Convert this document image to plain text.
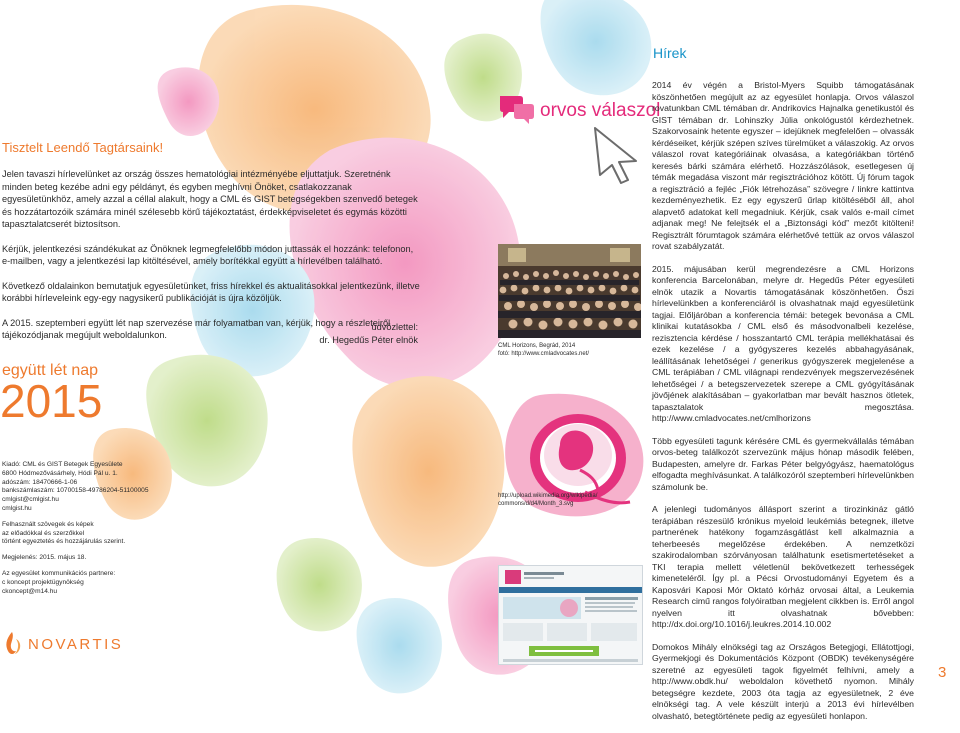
Tisztelt Leendő Tagtársaink!

Jelen tavaszi hírlevelünket az ország összes hematológiai intézményébe eljuttatjuk. Szeretnénk minden beteg kezébe adni egy példányt, és egyben meghívni Önöket, csatlakozzanak egyesületünkhöz, amely azzal a céllal alakult, hogy a CML és GIST betegségekben szenvedő betegek és hozzátartozóik számára minél szélesebb körű tájékoztatást, érdekképviseletet és egymás közötti tapasztalatcserét biztosítson.

Kérjük, jelentkezési szándékukat az Önöknek legmegfelelőbb módon juttassák el hozzánk: telefonon, e-mailben, vagy a jelentkezési lap kitöltésével, amely borítékkal együtt a hírlevélben található.

Következő oldalainkon bemutatjuk egyesületünket, friss hírekkel és aktualitásokkal jelentkezünk, illetve korábbi hírleveleink egy-egy nagysikerű publikációját is újra közöljük.

A 2015. szeptemberi együtt lét nap szervezése már folyamatban van, kérjük, hogy a részleteiről tájékozódjanak megújult weboldalunkon.

üdvözlettel:
dr. Hegedűs Péter elnök
együtt lét nap
2015
Kiadó: CML és GIST Betegek Egyesülete
6800 Hódmezővásárhely, Hódi Pál u. 1.
adószám: 18470666-1-06
bankszámlaszám: 10700158-49786204-51100005
cmlgist@cmlgist.hu
cmlgist.hu
Felhasznált szövegek és képek
az előadókkal és szerzőkkel
történt egyeztetés és hozzájárulás szerint.
Megjelenés: 2015. május 18.
Az egyesület kommunikációs partnere:
c koncept projektügynökség
ckoncept@m14.hu
NOVARTIS
orvos válaszol
CML Horizons, Begrád, 2014
fotó: http://www.cmladvocates.net/
http://upload.wikimedia.org/wikipedia/
commons/d/d4/Month_3.svg
Hírek

2014 év végén a Bristol-Myers Squibb támogatásának köszönhetően megújult az az egyesület honlapja. Orvos válaszol rovatunkban CML témában dr. Andrikovics Hajnalka genetikustól és GIST témában dr. Lohinszky Júlia onkológustól kérdezhetnek. Szakorvosaink hetente egyszer – idejüknek megfelelően – olvassák kérdéseiket, kérjük szépen szíves türelmüket a válaszokig. Az orvos válaszol rovat kategóriáinak olvasása, a kategóriákban történő keresés bárki számára elérhető. Hozzászólások, esetlegesen új témák megadása viszont már regisztrációhoz kötött. Új fórum tagok a regisztráció a fejléc „Fiók létrehozása” szövegre / linkre kattintva kezdeményezhetik. Ez egy egyszerű űrlap kitöltéséből áll, ahol alapvető adatokat kell megadniuk. Kérjük, csak valós e-mail címet adjanak meg! Ne felejtsék el a „Biztonsági kód” mezőt kitölteni! Regisztrált fórumtagok számára elérhetővé tettük az orvos válaszol rovat szabályzatát.

2015. májusában kerül megrendezésre a CML Horizons konferencia Barcelonában, melyre dr. Hegedűs Péter egyesületi elnök utazik a Novartis támogatásának köszönhetően. Őszi hírlevelünkben a konferenciáról is olvashatnak majd egyesületünk tagjai. Előljáróban a konferencia témái: betegek bevonása a CML klinikai kutatásokba / CML első és másodvonalbeli kezelése, rezisztencia kérdése / hosszantartó CML terápia mellékhatásai és ezek kezelése / a gyógyszeres kezelés abbahagyásának, leállításának lehetőségei / generikus gyógyszerek megjelenése a CML terápiában / CML világnapi rendezvények megszervezésének lehetőségei / a betegszervezetek szerepe a CML gyógyításának jövőjének alakításában – gyakorlatban mar bevált hasznos ötletek, tapasztalatok megosztása. http://www.cmladvocates.net/cmlhorizons

Több egyesületi tagunk kérésére CML és gyermekvállalás témában orvos-beteg találkozót szervezünk május hónap második felében, Budapesten, amelyre dr. Farkas Péter belgyógyász, haematológus elfogadta meghívásunkat. A találkozóról szeptemberi hírlevelünkben számolunk be.

A jelenlegi tudományos állásport szerint a tirozinkináz gátló terápiában részesülő krónikus myeloid leukémiás betegnek, illetve partnerének hatékony fogamzásgátlást kell alkalmaznia a teherbeesés megelőzése érdekében. A nemzetközi szakirodalomban szórványosan találhatunk esetismertetéseket a TKI terapia mellett véletlenül bekövetkezett terhességek kimeneteléről. Így pl. a Pécsi Orvostudományi Egyetem és a Kaposvári Kaposi Mór Oktató kórház orvosai által, a Leukemia Research cimű rangos folyóiratban megjelent cikkben is. Erről angol nyelven itt olvashatnak bővebben: http://dx.doi.org/10.1016/j.leukres.2014.10.002

Domokos Mihály elnökségi tag az Országos Betegjogi, Ellátottjogi, Gyermekjogi és Dokumentációs Központ (OBDK) tevékenységére szeretné az egyesületi tagok figyelmét felhívni, amely a http://www.obdk.hu/ weboldalon követhető nyomon. Mihály betegségre kezdete, 2003 óta tagja az egyesületnek, 2 éve elnökségi tag. A vele készült interjú a 2013 évi hírlevélben olvasható, betegtörténete pedig az egyesületi honlapon.

3
